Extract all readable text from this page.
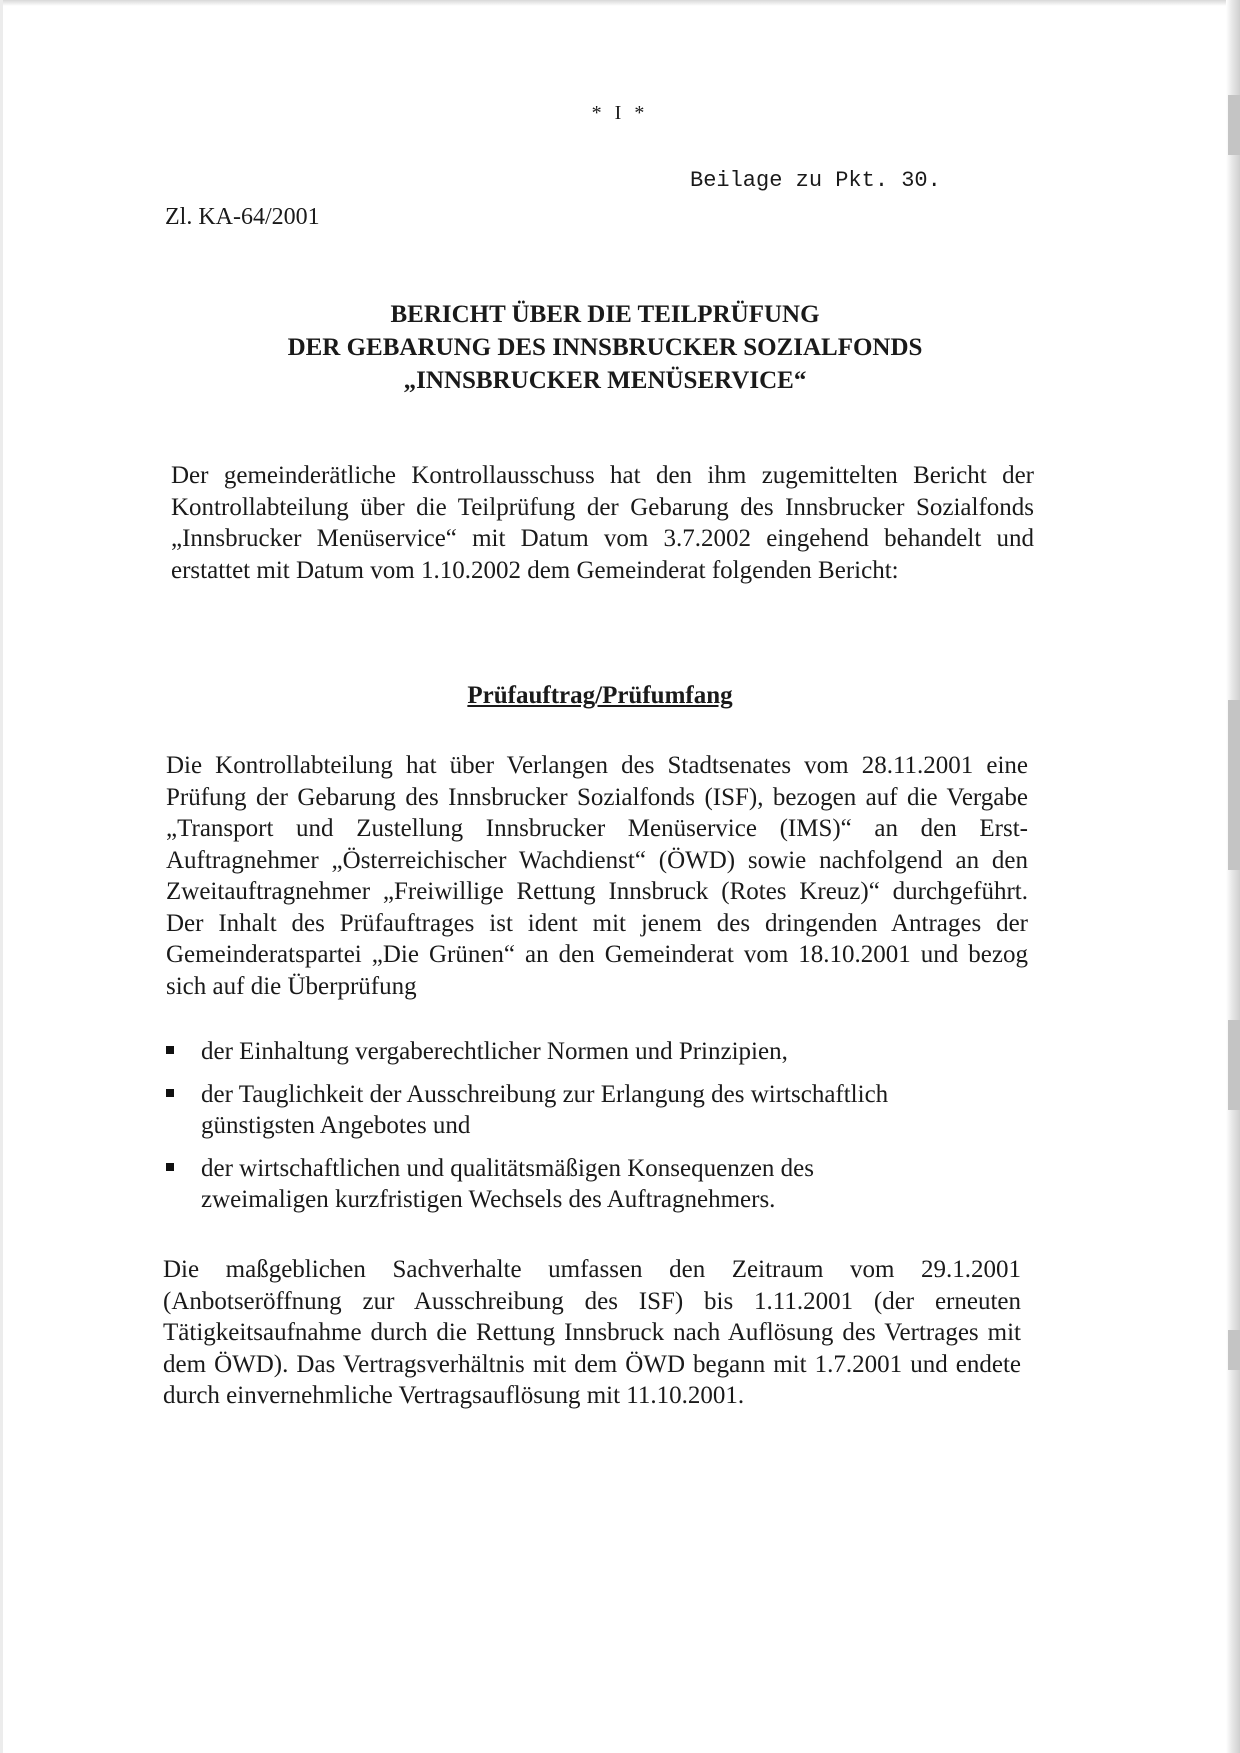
* I *
Beilage zu Pkt. 30.
Zl. KA-64/2001
BERICHT ÜBER DIE TEILPRÜFUNG
DER GEBARUNG DES INNSBRUCKER SOZIALFONDS
„INNSBRUCKER MENÜSERVICE“

Der gemeinderätliche Kontrollausschuss hat den ihm zugemittelten Bericht der Kontrollabteilung über die Teilprüfung der Gebarung des Innsbrucker Sozialfonds „Innsbrucker Menüservice“ mit Datum vom 3.7.2002 eingehend behandelt und erstattet mit Datum vom 1.10.2002 dem Gemeinderat folgenden Bericht:

Prüfauftrag/Prüfumfang

Die Kontrollabteilung hat über Verlangen des Stadtsenates vom 28.11.2001 eine Prüfung der Gebarung des Innsbrucker Sozialfonds (ISF), bezogen auf die Vergabe „Transport und Zustellung Innsbrucker Menüservice (IMS)“ an den Erst-Auftragnehmer „Österreichischer Wachdienst“ (ÖWD) sowie nachfolgend an den Zweitauftragnehmer „Freiwillige Rettung Innsbruck (Rotes Kreuz)“ durchgeführt. Der Inhalt des Prüfauftrages ist ident mit jenem des dringenden Antrages der Gemeinderatspartei „Die Grünen“ an den Gemeinderat vom 18.10.2001 und bezog sich auf die Überprüfung

der Einhaltung vergaberechtlicher Normen und Prinzipien,
der Tauglichkeit der Ausschreibung zur Erlangung des wirtschaftlich günstigsten Angebotes und
der wirtschaftlichen und qualitätsmäßigen Konsequenzen des zweimaligen kurzfristigen Wechsels des Auftragnehmers.

Die maßgeblichen Sachverhalte umfassen den Zeitraum vom 29.1.2001 (Anbotseröffnung zur Ausschreibung des ISF) bis 1.11.2001 (der erneuten Tätigkeitsaufnahme durch die Rettung Innsbruck nach Auflösung des Vertrages mit dem ÖWD). Das Vertragsverhältnis mit dem ÖWD begann mit 1.7.2001 und endete durch einvernehmliche Vertragsauflösung mit 11.10.2001.
